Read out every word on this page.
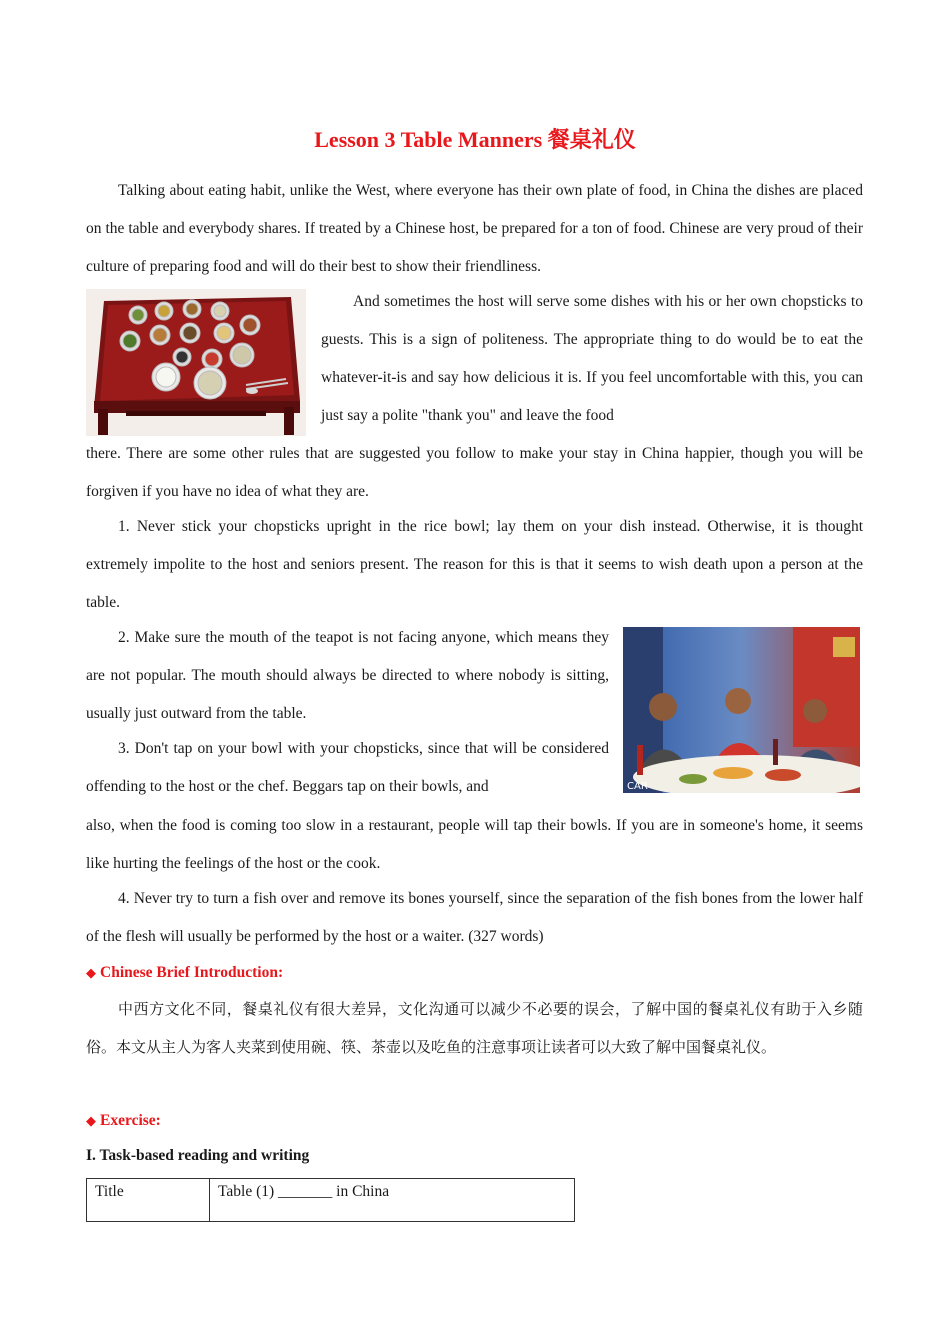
Lesson 3 Table Manners 餐桌礼仪

Talking about eating habit, unlike the West, where everyone has their own plate of food, in China the dishes are placed on the table and everybody shares. If treated by a Chinese host, be prepared for a ton of food. Chinese are very proud of their culture of preparing food and will do their best to show their friendliness.

And sometimes the host will serve some dishes with his or her own chopsticks to guests. This is a sign of politeness. The appropriate thing to do would be to eat the whatever-it-is and say how delicious it is. If you feel uncomfortable with this, you can just say a polite "thank you" and leave the food

there. There are some other rules that are suggested you follow to make your stay in China happier, though you will be forgiven if you have no idea of what they are.

1. Never stick your chopsticks upright in the rice bowl; lay them on your dish instead. Otherwise, it is thought extremely impolite to the host and seniors present. The reason for this is that it seems to wish death upon a person at the table.

CAR

2. Make sure the mouth of the teapot is not facing anyone, which means they are not popular. The mouth should always be directed to where nobody is sitting, usually just outward from the table.

3. Don't tap on your bowl with your chopsticks, since that will be considered offending to the host or the chef. Beggars tap on their bowls, and

also, when the food is coming too slow in a restaurant, people will tap their bowls. If you are in someone's home, it seems like hurting the feelings of the host or the cook.

4. Never try to turn a fish over and remove its bones yourself, since the separation of the fish bones from the lower half of the flesh will usually be performed by the host or a waiter. (327 words)

◆ Chinese Brief Introduction:

中西方文化不同，餐桌礼仪有很大差异，文化沟通可以减少不必要的误会，了解中国的餐桌礼仪有助于入乡随俗。本文从主人为客人夹菜到使用碗、筷、茶壶以及吃鱼的注意事项让读者可以大致了解中国餐桌礼仪。

◆ Exercise:
I. Task-based reading and writing
Title	Table (1) _______ in China
